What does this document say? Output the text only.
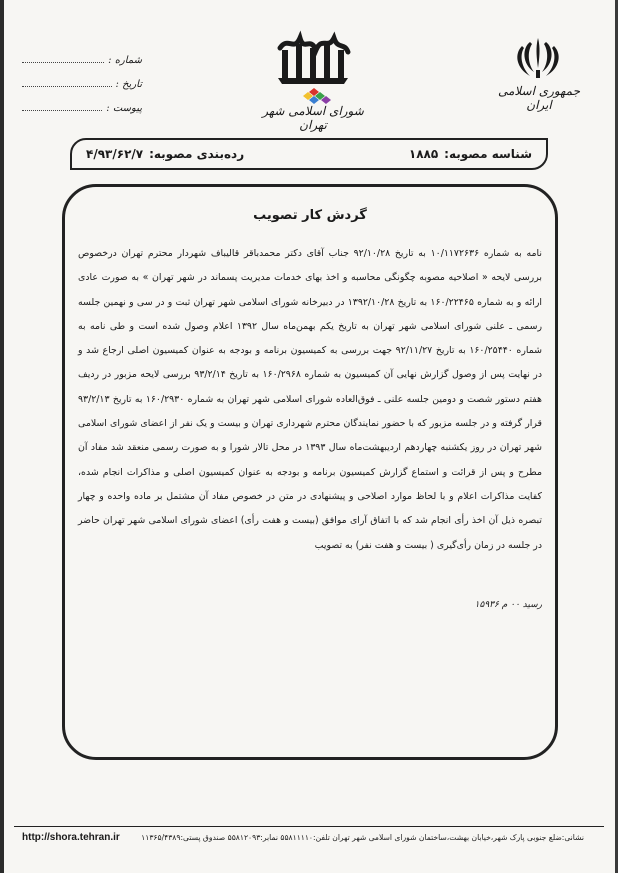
جمهوری اسلامی ایران
شورای اسلامی شهر تهران
شماره :
تاریخ :
پیوست :
شناسه مصوبه:
۱۸۸۵
رده‌بندی مصوبه:
۴/۹۳/۶۲/۷
گردش کار تصویب

نامه به شماره ۱۰/۱۱۷۲۶۳۶ به تاریخ ۹۲/۱۰/۲۸ جناب آقای دکتر محمدباقر قالیباف شهردار محترم تهران درخصوص بررسی لایحه « اصلاحیه مصوبه چگونگی محاسبه و اخذ بهای خدمات مدیریت پسماند در شهر تهران » به صورت عادی ارائه و به شماره ۱۶۰/۲۲۴۶۵ به تاریخ ۱۳۹۲/۱۰/۲۸ در دبیرخانه شورای اسلامی شهر تهران ثبت و در سی و نهمین جلسه رسمی ـ علنی شورای اسلامی شهر تهران به تاریخ یکم بهمن‌ماه سال ۱۳۹۲ اعلام وصول شده است و طی نامه به شماره ۱۶۰/۲۵۴۴۰ به تاریخ ۹۲/۱۱/۲۷ جهت بررسی به کمیسیون برنامه و بودجه به عنوان کمیسیون اصلی ارجاع شد و در نهایت پس از وصول گزارش نهایی آن کمیسیون به شماره ۱۶۰/۲۹۶۸ به تاریخ ۹۳/۲/۱۴ بررسی لایحه مزبور در ردیف هفتم دستور شصت و دومین جلسه علنی ـ فوق‌العاده شورای اسلامی شهر تهران به شماره ۱۶۰/۲۹۳۰ به تاریخ ۹۳/۲/۱۳ قرار گرفته و در جلسه مزبور که با حضور نمایندگان محترم شهرداری تهران و بیست و یک نفر از اعضای شورای اسلامی شهر تهران در روز یکشنبه چهاردهم اردیبهشت‌ماه سال ۱۳۹۳ در محل تالار شورا و به صورت رسمی منعقد شد مفاد آن مطرح و پس از قرائت و استماع گزارش کمیسیون برنامه و بودجه به عنوان کمیسیون اصلی و مذاکرات انجام شده، کفایت مذاکرات اعلام و با لحاظ موارد اصلاحی و پیشنهادی در متن در خصوص مفاد آن مشتمل بر ماده واحده و چهار تبصره ذیل آن اخذ رأی انجام شد که با اتفاق آرای موافق (بیست و هفت رأی) اعضای شورای اسلامی شهر تهران حاضر در جلسه در زمان رأی‌گیری ( بیست و هفت نفر) به تصویب

رسید ۰۰ م ۱۵۹۳۶
نشانی:ضلع جنوبی پارک شهر،خیابان بهشت،ساختمان شورای اسلامی شهر تهران تلفن:۵۵۸۱۱۱۱۰ نمابر:۵۵۸۱۲۰۹۳ صندوق پستی:۱۱۳۶۵/۴۳۸۹
http://shora.tehran.ir
